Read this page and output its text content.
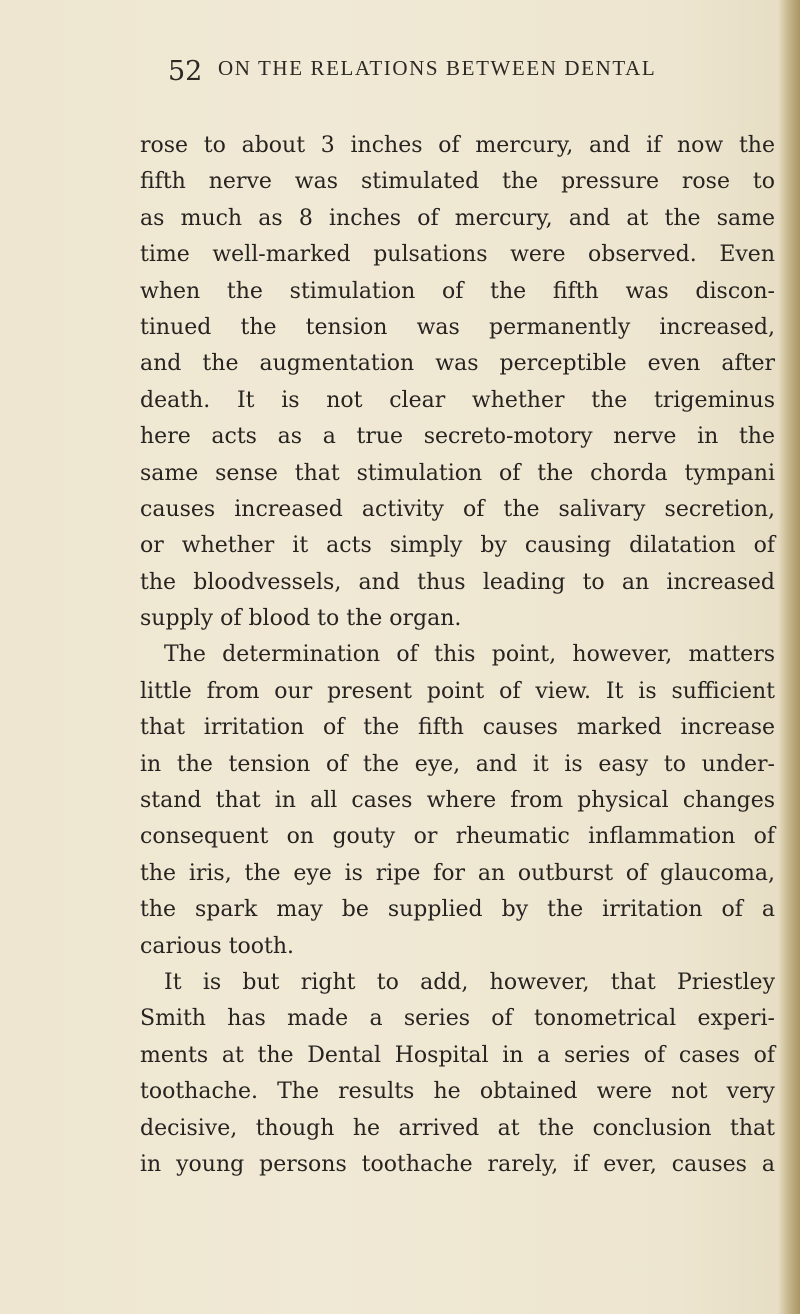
52 ON THE RELATIONS BETWEEN DENTAL
rose to about 3 inches of mercury, and if now the
fifth nerve was stimulated the pressure rose to
as much as 8 inches of mercury, and at the same
time well-marked pulsations were observed. Even
when the stimulation of the fifth was discon-
tinued the tension was permanently increased,
and the augmentation was perceptible even after
death. It is not clear whether the trigeminus
here acts as a true secreto-motory nerve in the
same sense that stimulation of the chorda tympani
causes increased activity of the salivary secretion,
or whether it acts simply by causing dilatation of
the bloodvessels, and thus leading to an increased
supply of blood to the organ.
The determination of this point, however, matters
little from our present point of view. It is sufficient
that irritation of the fifth causes marked increase
in the tension of the eye, and it is easy to under-
stand that in all cases where from physical changes
consequent on gouty or rheumatic inflammation of
the iris, the eye is ripe for an outburst of glaucoma,
the spark may be supplied by the irritation of a
carious tooth.
It is but right to add, however, that Priestley
Smith has made a series of tonometrical experi-
ments at the Dental Hospital in a series of cases of
toothache. The results he obtained were not very
decisive, though he arrived at the conclusion that
in young persons toothache rarely, if ever, causes a
